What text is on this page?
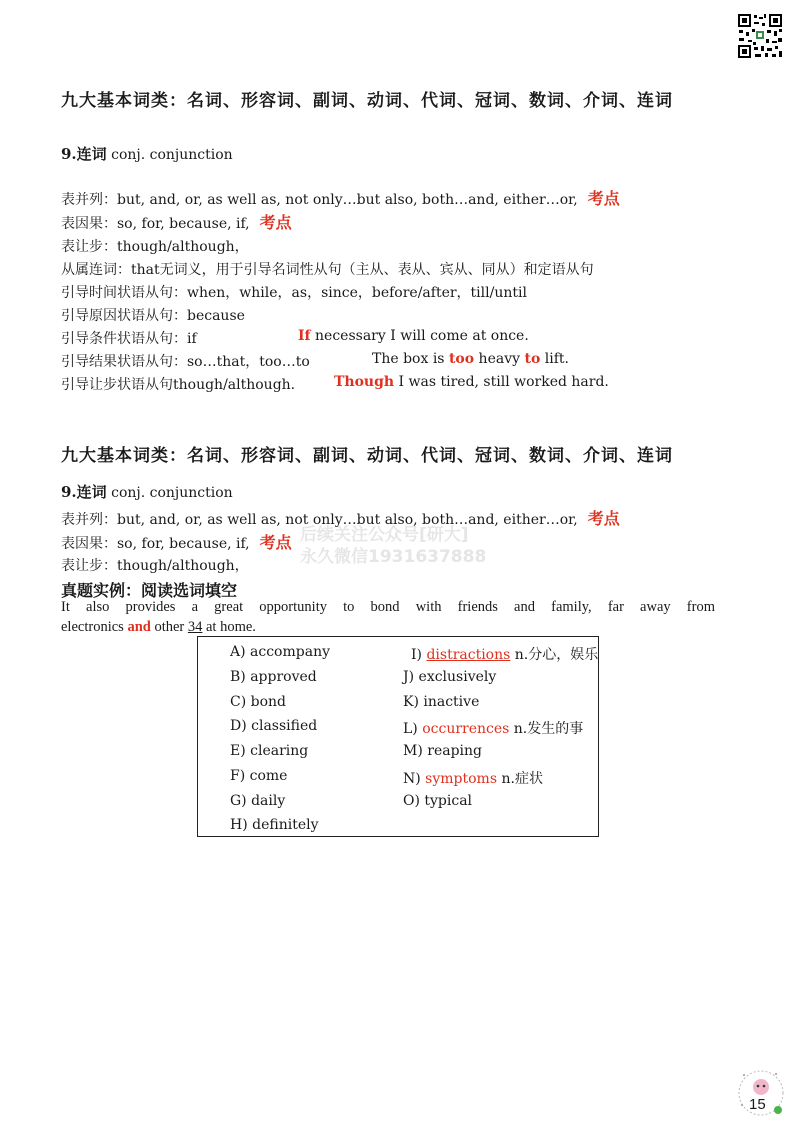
九大基本词类：名词、形容词、副词、动词、代词、冠词、数词、介词、连词
9.连词 conj. conjunction
表并列：but, and, or, as well as, not only…but also, both…and, either…or, 考点
表因果：so, for, because, if, 考点
表让步：though/although，
从属连词：that无词义，用于引导名词性从句（主从、表从、宾从、同从）和定语从句
引导时间状语从句：when，while，as，since，before/after，till/until
引导原因状语从句：because
引导条件状语从句：if	If necessary I will come at once.
引导结果状语从句：so…that，too…to	The box is too heavy to lift.
引导让步状语从句though/although.	Though I was tired, still worked hard.
九大基本词类：名词、形容词、副词、动词、代词、冠词、数词、介词、连词
9.连词 conj. conjunction
表并列：but, and, or, as well as, not only…but also, both…and, either…or, 考点
表因果：so, for, because, if, 考点
表让步：though/although，
后续关注公众号[研大]
永久微信1931637888
真题实例：阅读选词填空
It also provides a great opportunity to bond with friends and family, far away from
electronics and other 34 at home.
A) accompany
B) approved
C) bond
D) classified
E) clearing
F) come
G) daily
H) definitely
I) distractions n.分心，娱乐
J) exclusively
K) inactive
L) occurrences n.发生的事
M) reaping
N) symptoms n.症状
O) typical
15
